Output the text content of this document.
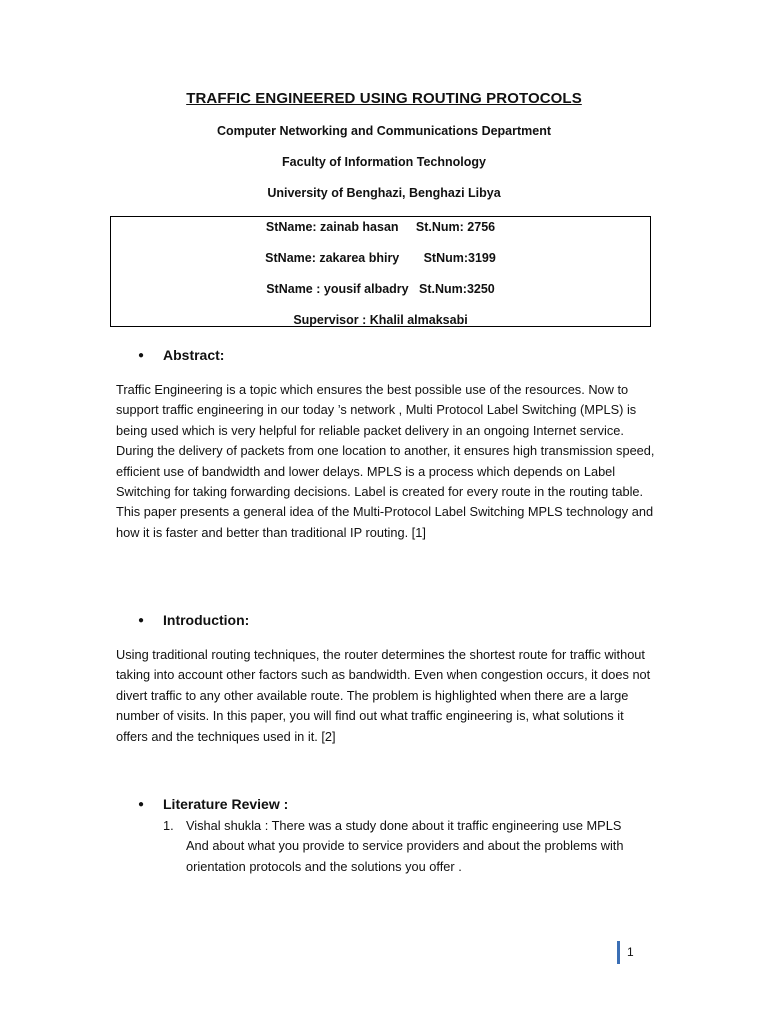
TRAFFIC ENGINEERED USING ROUTING PROTOCOLS
Computer Networking and Communications Department
Faculty of Information Technology
University of Benghazi, Benghazi Libya
StName: zainab hasan     St.Num: 2756
StName: zakarea bhiry       StNum:3199
StName : yousif albadry   St.Num:3250
Supervisor : Khalil almaksabi
● Abstract:

Traffic Engineering is a topic which ensures the best possible use of the resources. Now to support traffic engineering in our today ’s network , Multi Protocol Label Switching (MPLS) is being used which is very helpful for reliable packet delivery in an ongoing Internet service. During the delivery of packets from one location to another, it ensures high transmission speed, efficient use of bandwidth and lower delays. MPLS is a process which depends on Label Switching for taking forwarding decisions. Label is created for every route in the routing table. This paper presents a general idea of the Multi-Protocol Label Switching MPLS technology and how it is faster and better than traditional IP routing. [1]

● Introduction:

Using traditional routing techniques, the router determines the shortest route for traffic without taking into account other factors such as bandwidth. Even when congestion occurs, it does not divert traffic to any other available route. The problem is highlighted when there are a large number of visits. In this paper, you will find out what traffic engineering is, what solutions it offers and the techniques used in it. [2]

● Literature Review :
1. Vishal shukla : There was a study done about it traffic engineering use MPLS And about what you provide to service providers and about the problems with orientation protocols and the solutions you offer .
1
